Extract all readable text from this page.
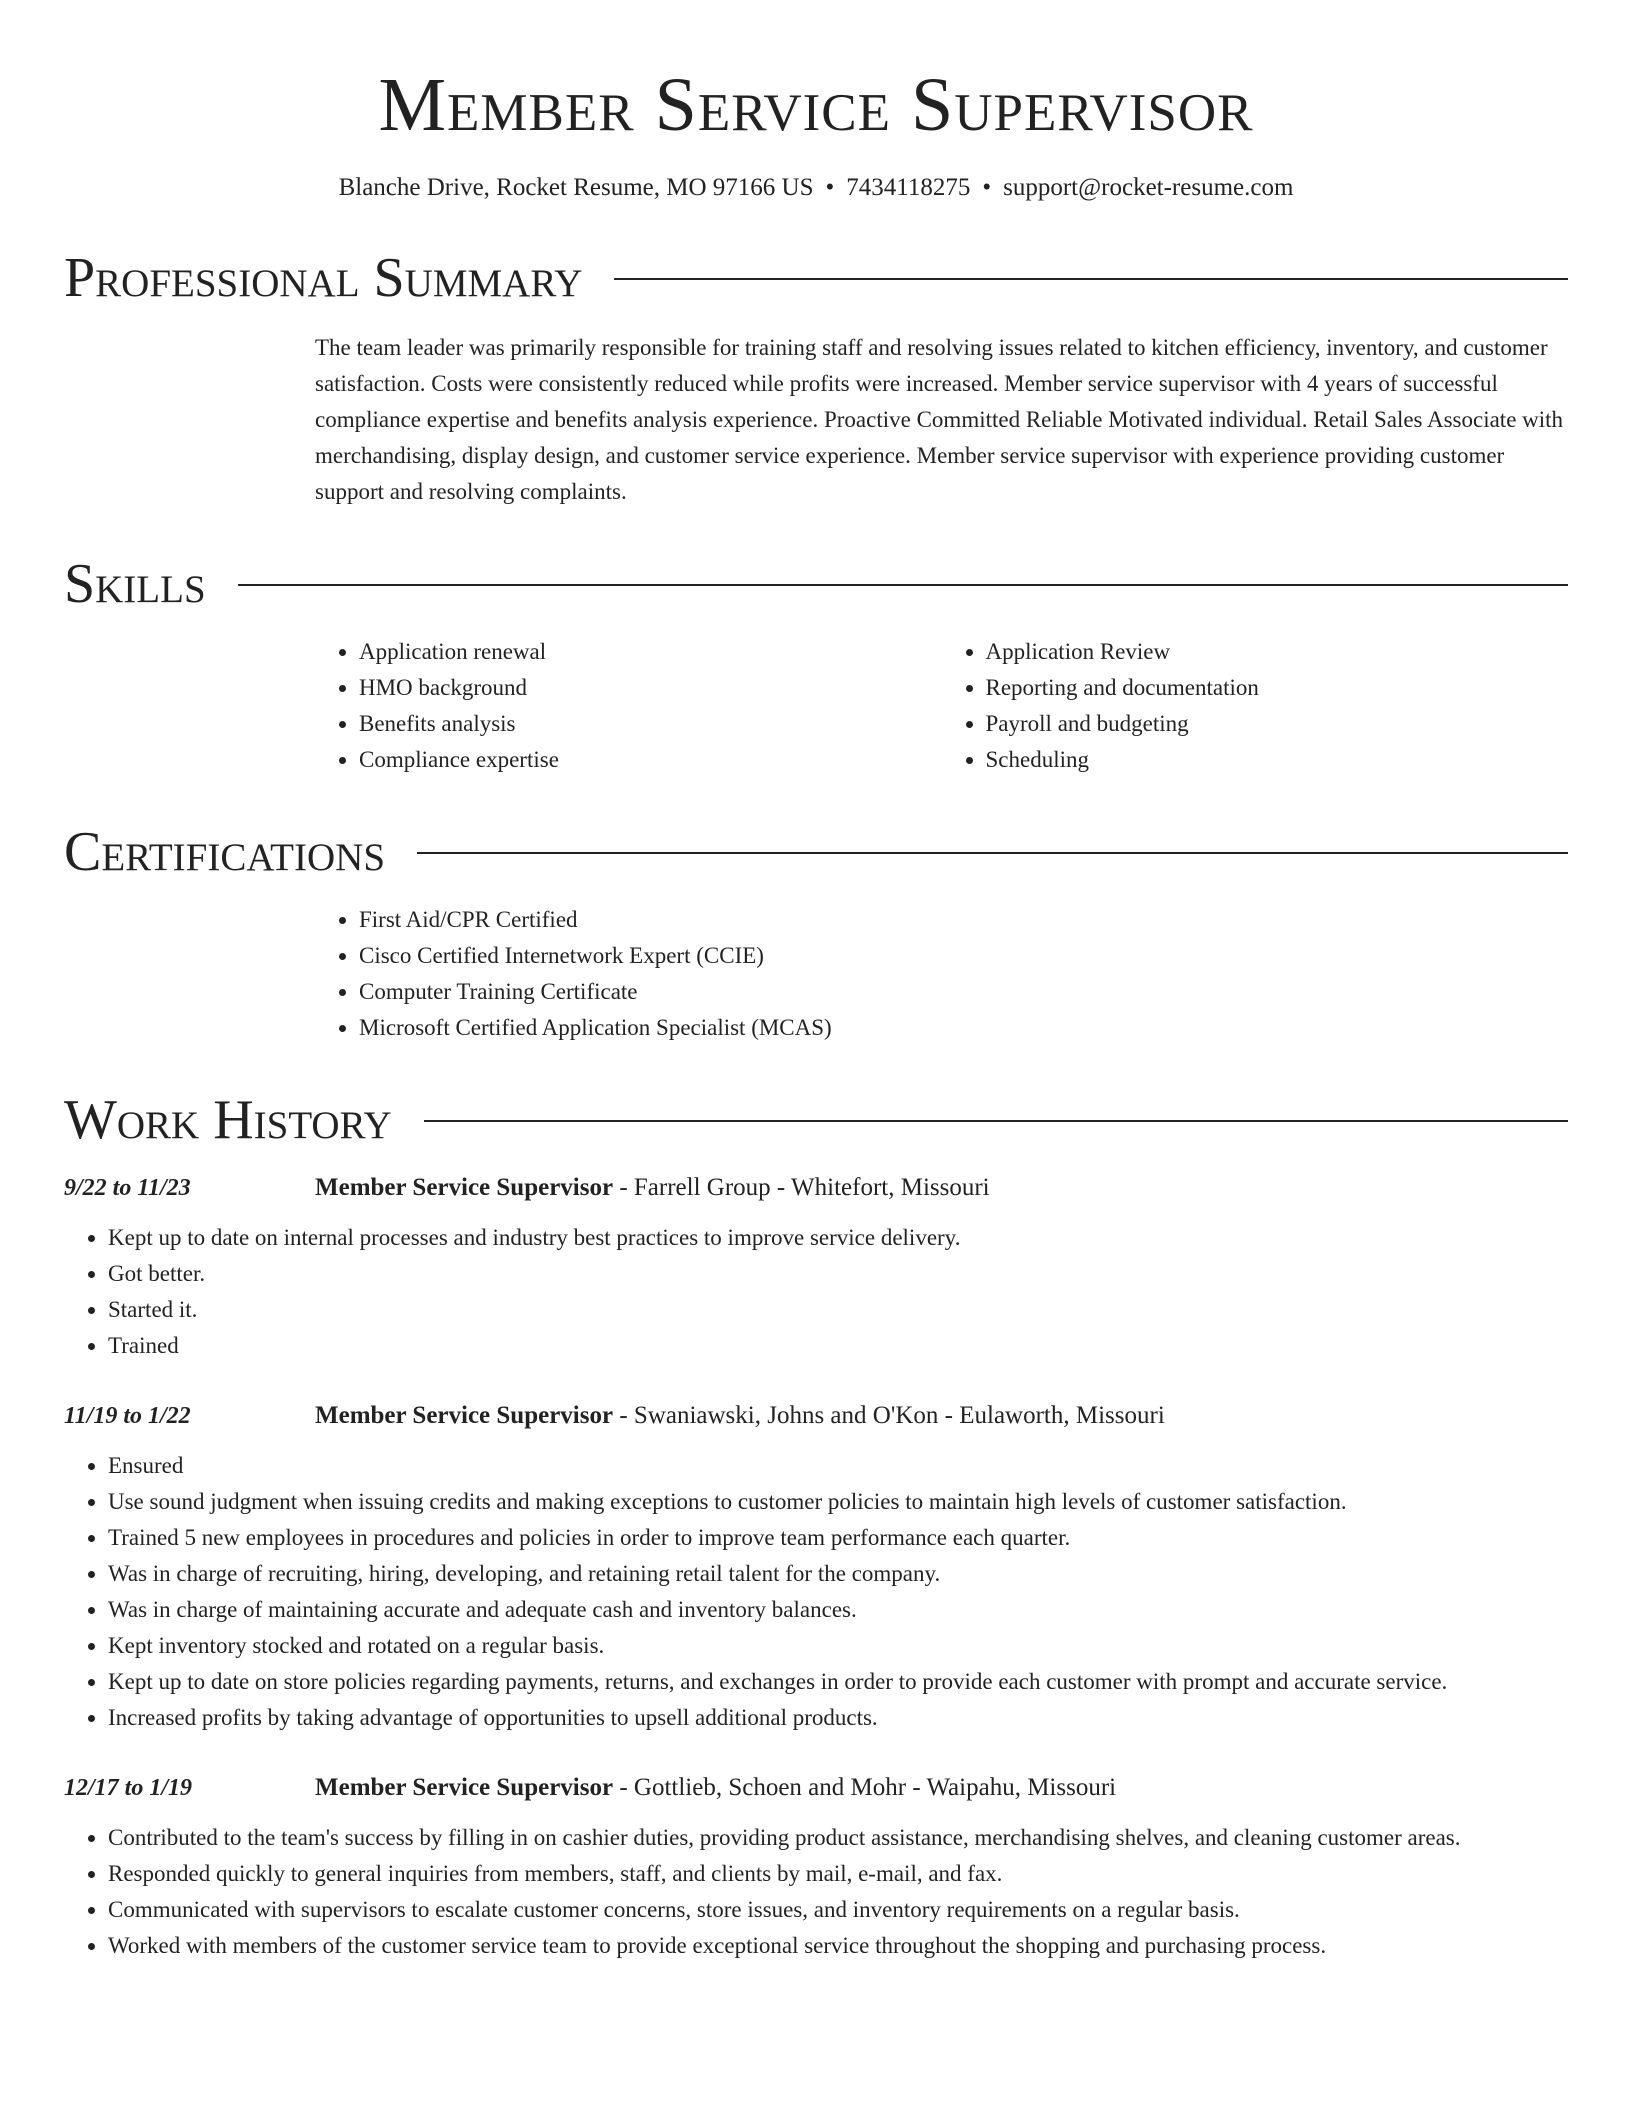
Member Service Supervisor
Blanche Drive, Rocket Resume, MO 97166 US • 7434118275 • support@rocket-resume.com
Professional Summary
The team leader was primarily responsible for training staff and resolving issues related to kitchen efficiency, inventory, and customer satisfaction. Costs were consistently reduced while profits were increased. Member service supervisor with 4 years of successful compliance expertise and benefits analysis experience. Proactive Committed Reliable Motivated individual. Retail Sales Associate with merchandising, display design, and customer service experience. Member service supervisor with experience providing customer support and resolving complaints.
Skills
• Application renewal
• HMO background
• Benefits analysis
• Compliance expertise
• Application Review
• Reporting and documentation
• Payroll and budgeting
• Scheduling
Certifications
• First Aid/CPR Certified
• Cisco Certified Internetwork Expert (CCIE)
• Computer Training Certificate
• Microsoft Certified Application Specialist (MCAS)
Work History
9/22 to 11/23	Member Service Supervisor - Farrell Group - Whitefort, Missouri
• Kept up to date on internal processes and industry best practices to improve service delivery.
• Got better.
• Started it.
• Trained
11/19 to 1/22	Member Service Supervisor - Swaniawski, Johns and O'Kon - Eulaworth, Missouri
• Ensured
• Use sound judgment when issuing credits and making exceptions to customer policies to maintain high levels of customer satisfaction.
• Trained 5 new employees in procedures and policies in order to improve team performance each quarter.
• Was in charge of recruiting, hiring, developing, and retaining retail talent for the company.
• Was in charge of maintaining accurate and adequate cash and inventory balances.
• Kept inventory stocked and rotated on a regular basis.
• Kept up to date on store policies regarding payments, returns, and exchanges in order to provide each customer with prompt and accurate service.
• Increased profits by taking advantage of opportunities to upsell additional products.
12/17 to 1/19	Member Service Supervisor - Gottlieb, Schoen and Mohr - Waipahu, Missouri
• Contributed to the team's success by filling in on cashier duties, providing product assistance, merchandising shelves, and cleaning customer areas.
• Responded quickly to general inquiries from members, staff, and clients by mail, e-mail, and fax.
• Communicated with supervisors to escalate customer concerns, store issues, and inventory requirements on a regular basis.
• Worked with members of the customer service team to provide exceptional service throughout the shopping and purchasing process.
